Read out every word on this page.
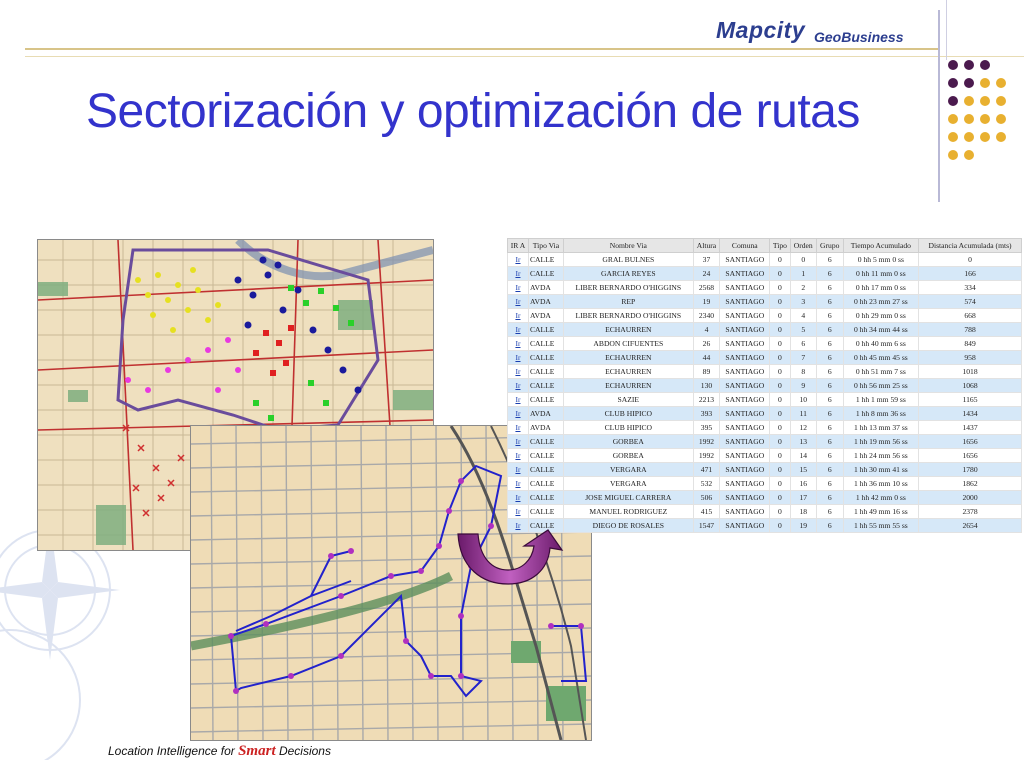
Mapcity GeoBusiness
Sectorización y optimización de rutas
IR A	Tipo Via	Nombre Via	Altura	Comuna	Tipo	Orden	Grupo	Tiempo Acumulado	Distancia Acumulada (mts)
Ir	CALLE	GRAL BULNES	37	SANTIAGO	0	0	6	0 hh 5 mm 0 ss	0
Ir	CALLE	GARCIA REYES	24	SANTIAGO	0	1	6	0 hh 11 mm 0 ss	166
Ir	AVDA	LIBER BERNARDO O'HIGGINS	2568	SANTIAGO	0	2	6	0 hh 17 mm 0 ss	334
Ir	AVDA	REP	19	SANTIAGO	0	3	6	0 hh 23 mm 27 ss	574
Ir	AVDA	LIBER BERNARDO O'HIGGINS	2340	SANTIAGO	0	4	6	0 hh 29 mm 0 ss	668
Ir	CALLE	ECHAURREN	4	SANTIAGO	0	5	6	0 hh 34 mm 44 ss	788
Ir	CALLE	ABDON CIFUENTES	26	SANTIAGO	0	6	6	0 hh 40 mm 6 ss	849
Ir	CALLE	ECHAURREN	44	SANTIAGO	0	7	6	0 hh 45 mm 45 ss	958
Ir	CALLE	ECHAURREN	89	SANTIAGO	0	8	6	0 hh 51 mm 7 ss	1018
Ir	CALLE	ECHAURREN	130	SANTIAGO	0	9	6	0 hh 56 mm 25 ss	1068
Ir	CALLE	SAZIE	2213	SANTIAGO	0	10	6	1 hh 1 mm 59 ss	1165
Ir	AVDA	CLUB HIPICO	393	SANTIAGO	0	11	6	1 hh 8 mm 36 ss	1434
Ir	AVDA	CLUB HIPICO	395	SANTIAGO	0	12	6	1 hh 13 mm 37 ss	1437
Ir	CALLE	GORBEA	1992	SANTIAGO	0	13	6	1 hh 19 mm 56 ss	1656
Ir	CALLE	GORBEA	1992	SANTIAGO	0	14	6	1 hh 24 mm 56 ss	1656
Ir	CALLE	VERGARA	471	SANTIAGO	0	15	6	1 hh 30 mm 41 ss	1780
Ir	CALLE	VERGARA	532	SANTIAGO	0	16	6	1 hh 36 mm 10 ss	1862
Ir	CALLE	JOSE MIGUEL CARRERA	506	SANTIAGO	0	17	6	1 hh 42 mm 0 ss	2000
Ir	CALLE	MANUEL RODRIGUEZ	415	SANTIAGO	0	18	6	1 hh 49 mm 16 ss	2378
Ir	CALLE	DIEGO DE ROSALES	1547	SANTIAGO	0	19	6	1 hh 55 mm 55 ss	2654
Location Intelligence for Smart Decisions
